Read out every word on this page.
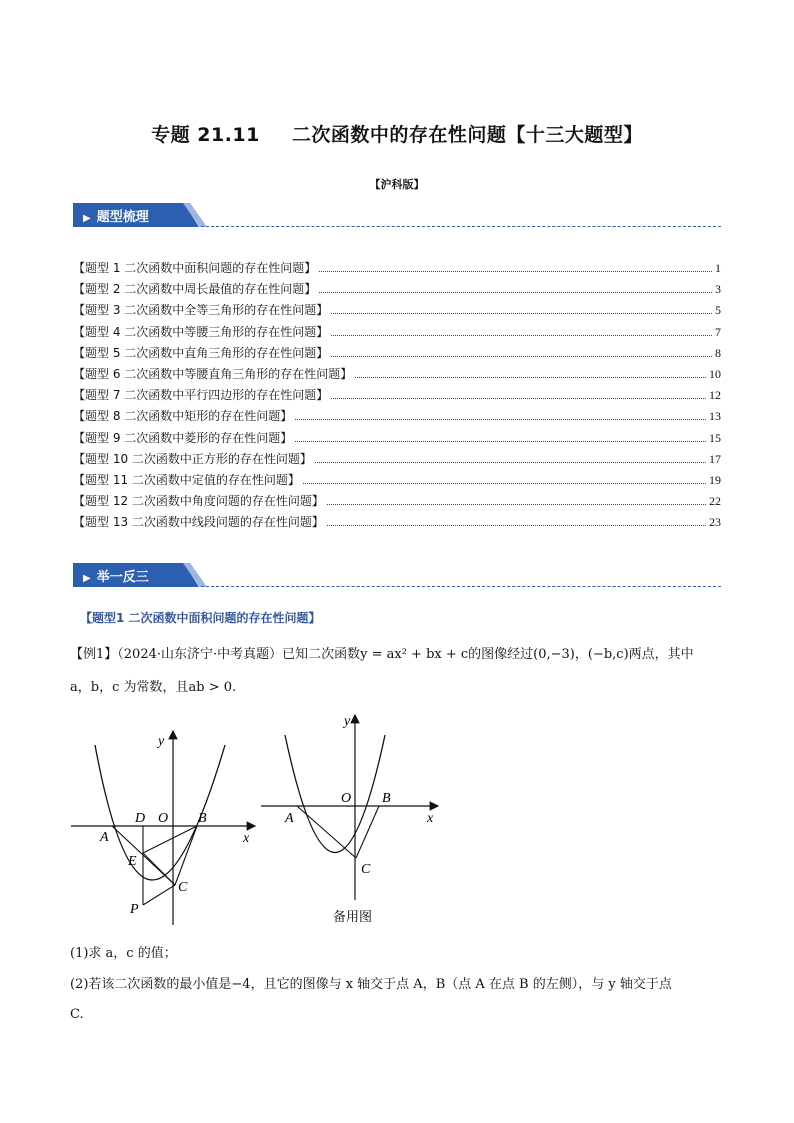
专题 21.11 二次函数中的存在性问题【十三大题型】
【沪科版】
▶ 题型梳理
【题型 1 二次函数中面积问题的存在性问题】	1
【题型 2 二次函数中周长最值的存在性问题】	3
【题型 3 二次函数中全等三角形的存在性问题】	5
【题型 4 二次函数中等腰三角形的存在性问题】	7
【题型 5 二次函数中直角三角形的存在性问题】	8
【题型 6 二次函数中等腰直角三角形的存在性问题】	10
【题型 7 二次函数中平行四边形的存在性问题】	12
【题型 8 二次函数中矩形的存在性问题】	13
【题型 9 二次函数中菱形的存在性问题】	15
【题型 10 二次函数中正方形的存在性问题】	17
【题型 11 二次函数中定值的存在性问题】	19
【题型 12 二次函数中角度问题的存在性问题】	22
【题型 13 二次函数中线段问题的存在性问题】	23
▶ 举一反三
【题型1 二次函数中面积问题的存在性问题】
【例1】（2024·山东济宁·中考真题）已知二次函数y = ax² + bx + c的图像经过(0,−3)，(−b,c)两点，其中
a，b，c 为常数，且ab > 0.
y
x
D O B
A
E
C
P
y
x
O B
A
C
备用图
(1)求 a，c 的值；
(2)若该二次函数的最小值是−4，且它的图像与 x 轴交于点 A，B（点 A 在点 B 的左侧），与 y 轴交于点
C.
